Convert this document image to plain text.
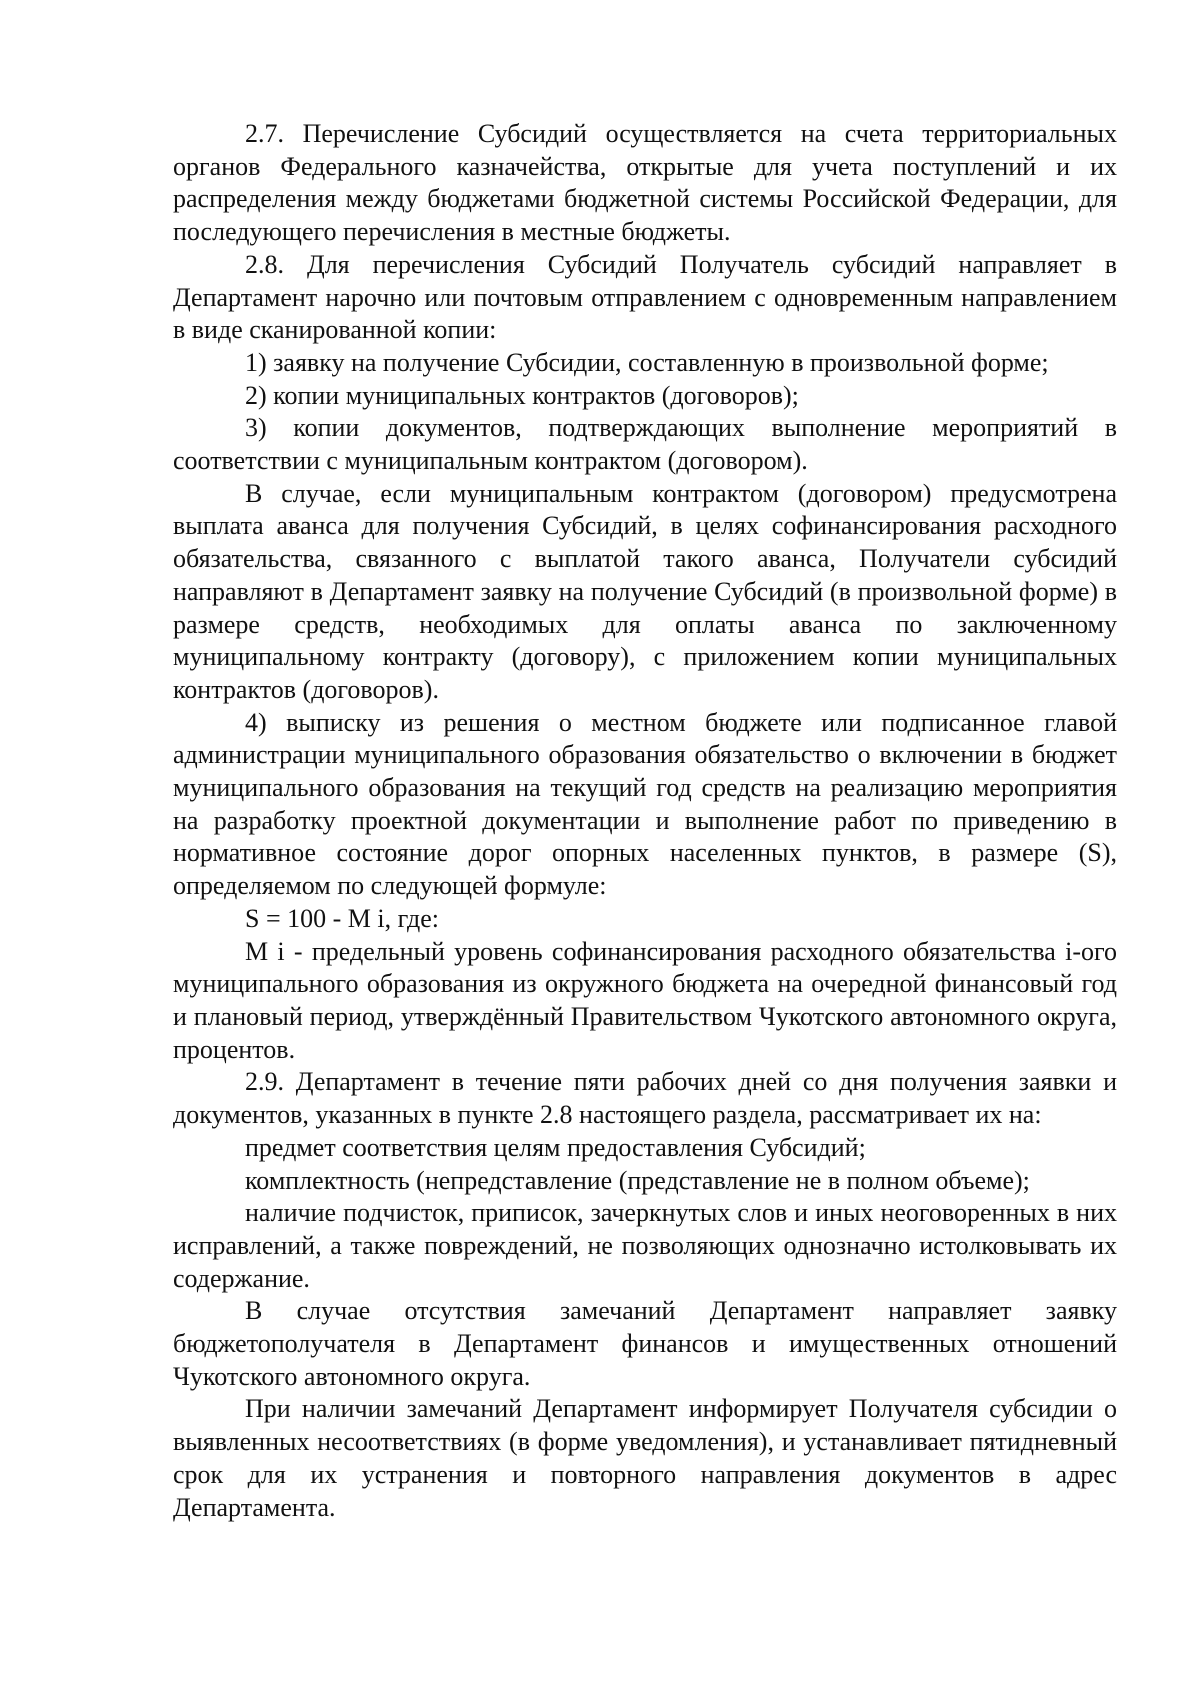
2.7. Перечисление Субсидий осуществляется на счета территориальных органов Федерального казначейства, открытые для учета поступлений и их распределения между бюджетами бюджетной системы Российской Федерации, для последующего перечисления в местные бюджеты.

2.8. Для перечисления Субсидий Получатель субсидий направляет в Департамент нарочно или почтовым отправлением с одновременным направлением в виде сканированной копии:

1) заявку на получение Субсидии, составленную в произвольной форме;

2) копии муниципальных контрактов (договоров);

3) копии документов, подтверждающих выполнение мероприятий в соответствии с муниципальным контрактом (договором).

В случае, если муниципальным контрактом (договором) предусмотрена выплата аванса для получения Субсидий, в целях софинансирования расходного обязательства, связанного с выплатой такого аванса, Получатели субсидий направляют в Департамент заявку на получение Субсидий (в произвольной форме) в размере средств, необходимых для оплаты аванса по заключенному муниципальному контракту (договору), с приложением копии муниципальных контрактов (договоров).

4) выписку из решения о местном бюджете или подписанное главой администрации муниципального образования обязательство о включении в бюджет муниципального образования на текущий год средств на реализацию мероприятия на разработку проектной документации и выполнение работ по приведению в нормативное состояние дорог опорных населенных пунктов, в размере (S), определяемом по следующей формуле:

S = 100 - M i, где:

M i - предельный уровень софинансирования расходного обязательства i-ого муниципального образования из окружного бюджета на очередной финансовый год и плановый период, утверждённый Правительством Чукотского автономного округа, процентов.

2.9. Департамент в течение пяти рабочих дней со дня получения заявки и документов, указанных в пункте 2.8 настоящего раздела, рассматривает их на:

предмет соответствия целям предоставления Субсидий;

комплектность (непредставление (представление не в полном объеме);

наличие подчисток, приписок, зачеркнутых слов и иных неоговоренных в них исправлений, а также повреждений, не позволяющих однозначно истолковывать их содержание.

В случае отсутствия замечаний Департамент направляет заявку бюджетополучателя в Департамент финансов и имущественных отношений Чукотского автономного округа.

При наличии замечаний Департамент информирует Получателя субсидии о выявленных несоответствиях (в форме уведомления), и устанавливает пятидневный срок для их устранения и повторного направления документов в адрес Департамента.
